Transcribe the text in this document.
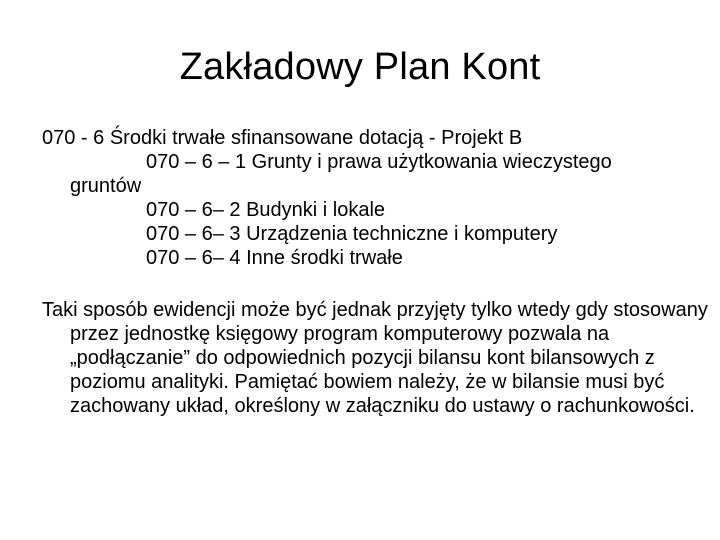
Zakładowy Plan Kont
070 - 6 Środki trwałe sfinansowane dotacją - Projekt B
070 – 6 – 1 Grunty i prawa użytkowania wieczystego gruntów
070 – 6– 2 Budynki i lokale
070 – 6– 3 Urządzenia techniczne i komputery
070 – 6– 4 Inne środki trwałe
Taki sposób ewidencji może być jednak przyjęty tylko wtedy gdy stosowany przez jednostkę księgowy program komputerowy pozwala na „podłączanie” do odpowiednich pozycji bilansu kont bilansowych z poziomu analityki. Pamiętać bowiem należy, że w bilansie musi być zachowany układ, określony w załączniku do ustawy o rachunkowości.
